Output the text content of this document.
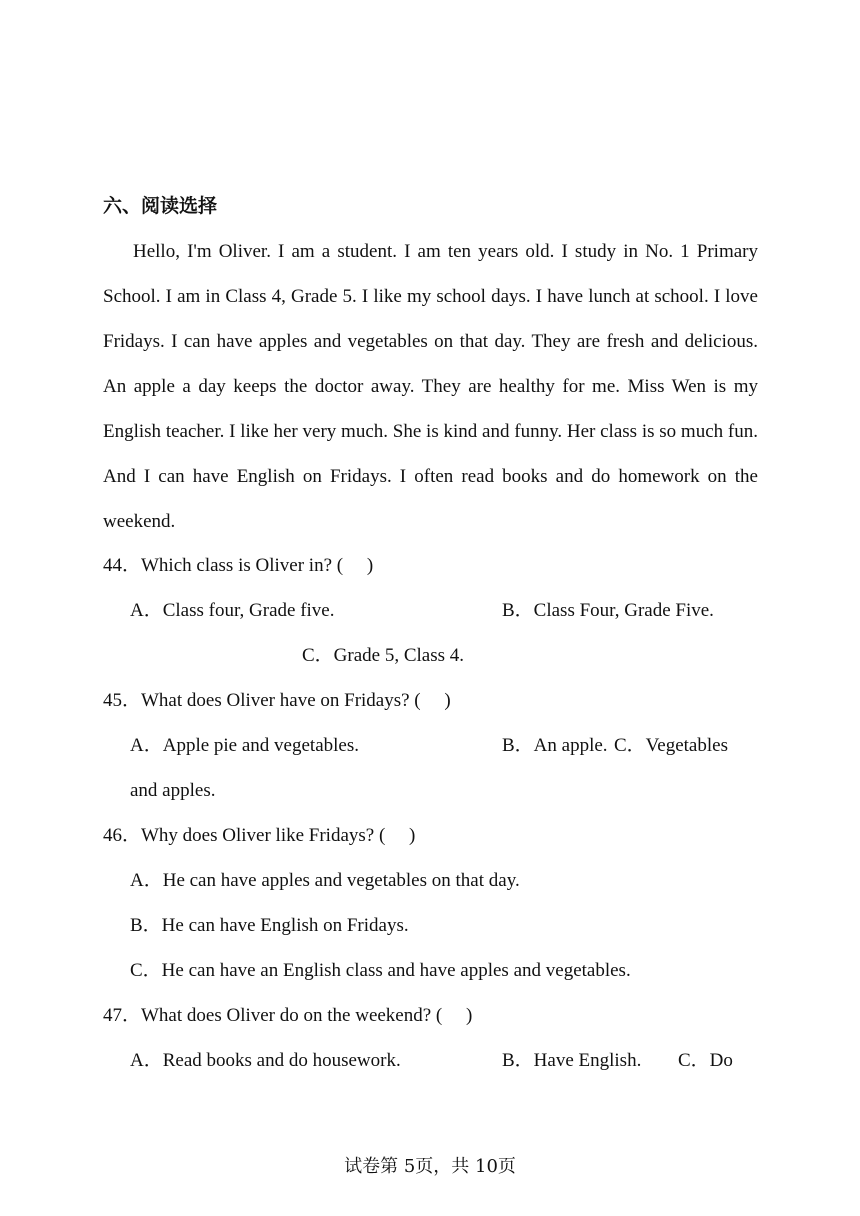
六、阅读选择
Hello, I'm Oliver. I am a student. I am ten years old. I study in No. 1 Primary School. I am in Class 4, Grade 5. I like my school days. I have lunch at school. I love Fridays. I can have apples and vegetables on that day. They are fresh and delicious. An apple a day keeps the doctor away. They are healthy for me. Miss Wen is my English teacher. I like her very much. She is kind and funny. Her class is so much fun. And I can have English on Fridays. I often read books and do homework on the weekend.
44．Which class is Oliver in? (　 )
A．Class four, Grade five.	B．Class Four, Grade Five.
C．Grade 5, Class 4.
45．What does Oliver have on Fridays? (　 )
A．Apple pie and vegetables.	B．An apple. C．Vegetables
and apples.
46．Why does Oliver like Fridays? (　 )
A．He can have apples and vegetables on that day.
B．He can have English on Fridays.
C．He can have an English class and have apples and vegetables.
47．What does Oliver do on the weekend? (　 )
A．Read books and do housework.	B．Have English. C．Do
试卷第 5页，共 10页
